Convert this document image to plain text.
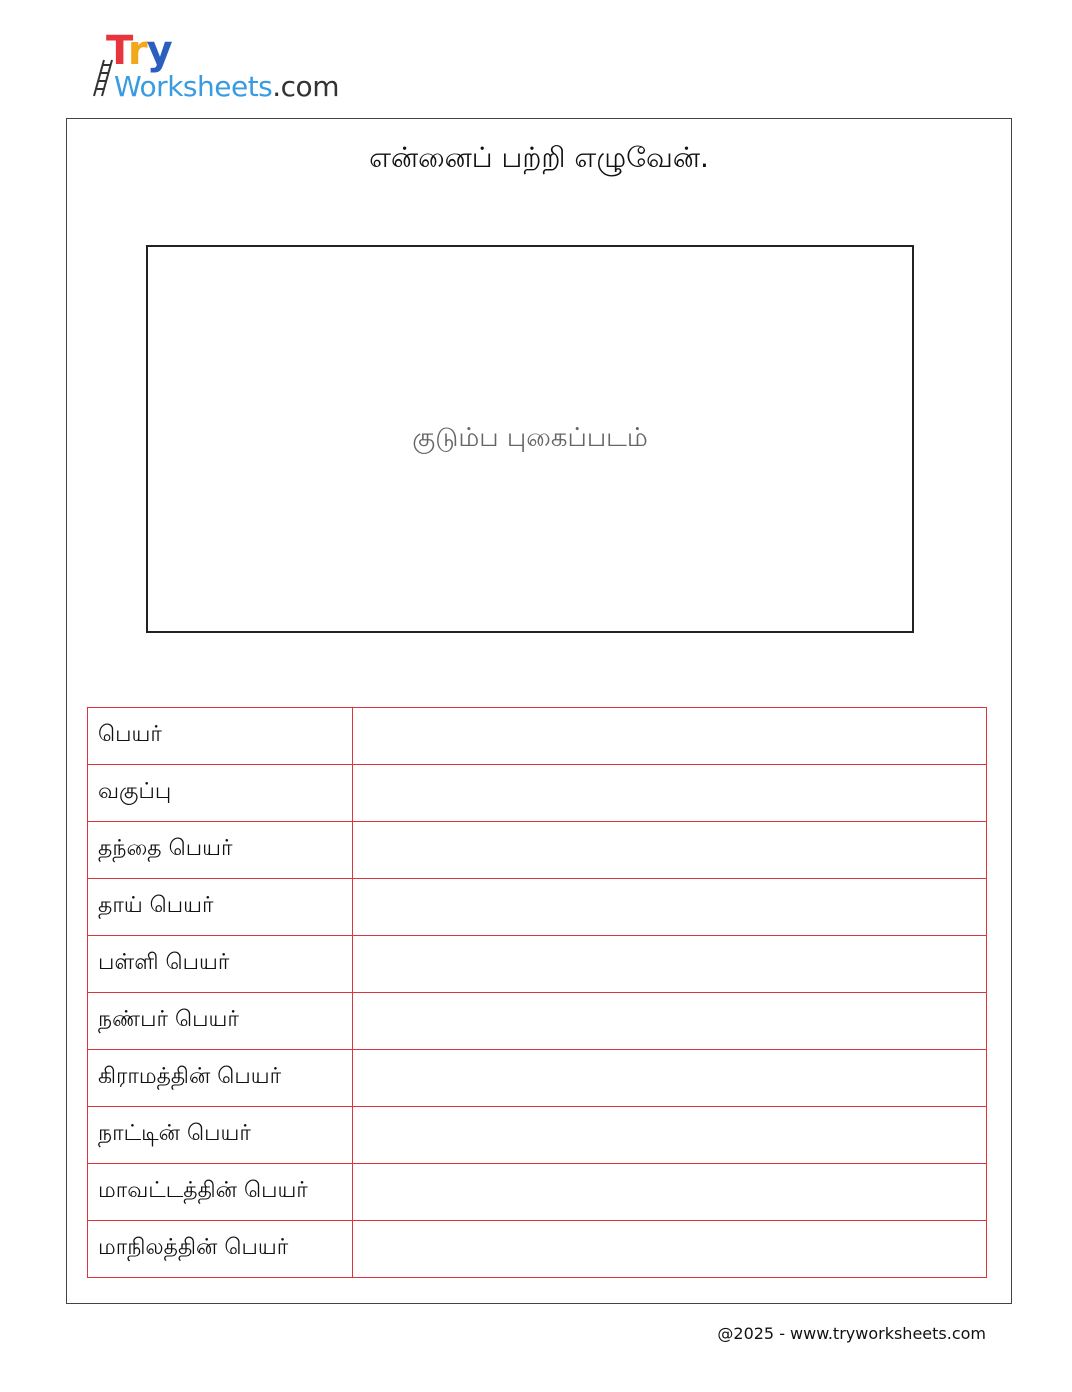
Try
Worksheets.com
என்னைப் பற்றி எழுவேன்.
குடும்ப புகைப்படம்
பெயர்	
வகுப்பு	
தந்தை பெயர்	
தாய் பெயர்	
பள்ளி பெயர்	
நண்பர் பெயர்	
கிராமத்தின் பெயர்	
நாட்டின் பெயர்	
மாவட்டத்தின் பெயர்	
மாநிலத்தின் பெயர்	
@2025 - www.tryworksheets.com
